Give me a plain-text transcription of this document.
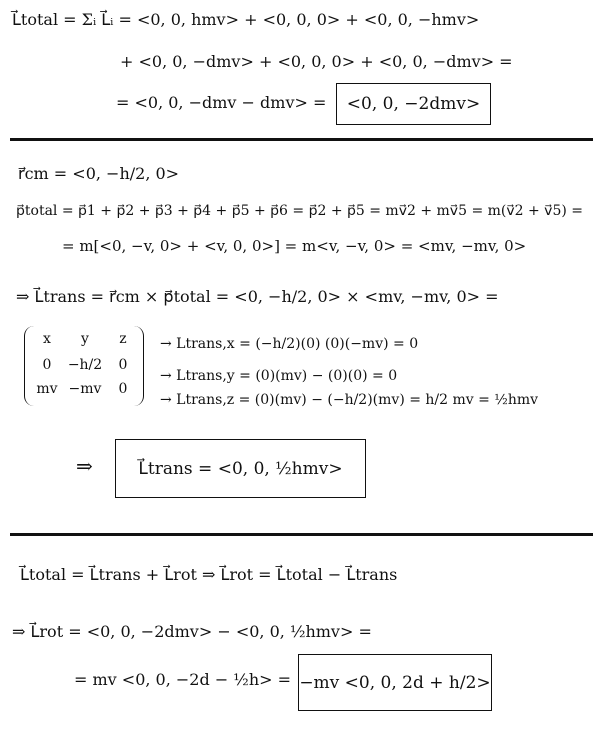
L⃗total = Σᵢ L⃗ᵢ = <0, 0, hmv> + <0, 0, 0> + <0, 0, −hmv>
+ <0, 0, −dmv> + <0, 0, 0> + <0, 0, −dmv> =
= <0, 0, −dmv − dmv> = <0, 0, −2dmv>
r⃗cm = <0, −h/2, 0>
p⃗total = p⃗1 + p⃗2 + p⃗3 + p⃗4 + p⃗5 + p⃗6 = p⃗2 + p⃗5 = mv⃗2 + mv⃗5 = m(v⃗2 + v⃗5) =
= m[<0, −v, 0> + <v, 0, 0>] = m<v, −v, 0> = <mv, −mv, 0>
⇒ L⃗trans = r⃗cm × p⃗total = <0, −h/2, 0> × <mv, −mv, 0> =
x	y	z
0	−h/2	0
mv −mv	0
→ Ltrans,x = (−h/2)(0) (0)(−mv) = 0
→ Ltrans,y = (0)(mv) − (0)(0) = 0
→ Ltrans,z = (0)(mv) − (−h/2)(mv) = h/2 mv = ½hmv
⇒	L⃗trans = <0, 0, ½hmv>
L⃗total = L⃗trans + L⃗rot ⇒ L⃗rot = L⃗total − L⃗trans
⇒ L⃗rot = <0, 0, −2dmv> − <0, 0, ½hmv> =
= mv <0, 0, −2d − ½h> = −mv <0, 0, 2d + h/2>
